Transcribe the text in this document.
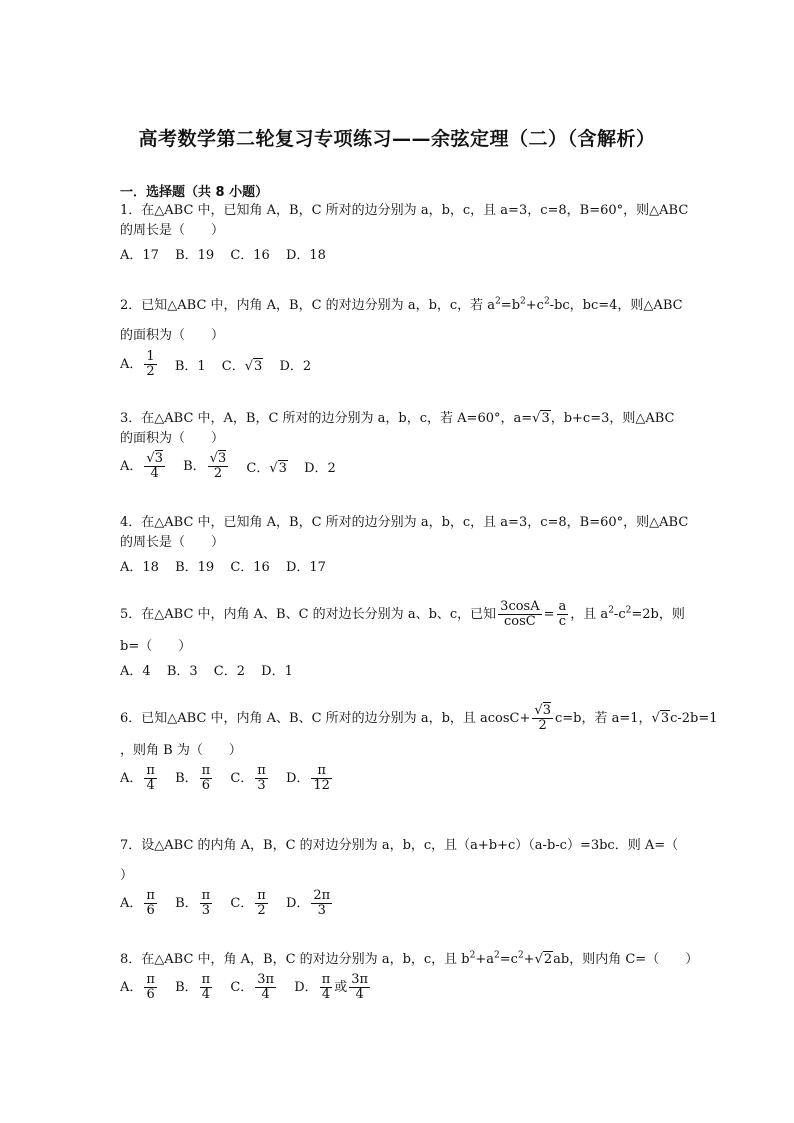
高考数学第二轮复习专项练习——余弦定理（二）（含解析）
一．选择题（共 8 小题）
1．在△ABC 中，已知角 A，B，C 所对的边分别为 a，b，c，且 a=3，c=8，B=60°，则△ABC
的周长是（　　）
A．17 B．19 C．16 D．18
2．已知△ABC 中，内角 A，B，C 的对边分别为 a，b，c，若 $a^2=b^2+c^2-bc$，bc=4，则△ABC
的面积为（　　）
A． $\frac{1}{2}$ B．1 C．√3 D．2
3．在△ABC 中，A，B，C 所对的边分别为 a，b，c，若 A=60°，a=√3，b+c=3，则△ABC
的面积为（　　）
A． $\frac{√3}{4}$ B． $\frac{√3}{2}$ C．√3 D．2
4．在△ABC 中，已知角 A，B，C 所对的边分别为 a，b，c，且 a=3，c=8，B=60°，则△ABC
的周长是（　　）
A．18 B．19 C．16 D．17
5．在△ABC 中，内角 A、B、C 的对边长分别为 a、b、c，已知 $\frac{3\cos A}{\cos C} = \frac{a}{c}$ ，且 $a^2-c^2=2b$，则
b=（　　）
A．4 B．3 C．2 D．1
6．已知△ABC 中，内角 A、B、C 所对的边分别为 a，b，且 $acosC+ \frac{√3}{2} c=b$，若 a=1，√3c-2b=1
，则角 B 为（　　）
A． $\frac{\pi}{4}$ B． $\frac{\pi}{6}$ C． $\frac{\pi}{3}$ D． $\frac{\pi}{12}$
7．设△ABC 的内角 A，B，C 的对边分别为 a，b，c，且（a+b+c）（a-b-c）=3bc．则 A=（
）
A． $\frac{\pi}{6}$ B． $\frac{\pi}{3}$ C． $\frac{\pi}{2}$ D． $\frac{2\pi}{3}$
8．在△ABC 中，角 A，B，C 的对边分别为 a，b，c，且 $b^2+a^2=c^2+√2ab$，则内角 C=（　　）
A． $\frac{\pi}{6}$ B． $\frac{\pi}{4}$ C． $\frac{3\pi}{4}$ D． $\frac{\pi}{4}$ 或 $\frac{3\pi}{4}$
